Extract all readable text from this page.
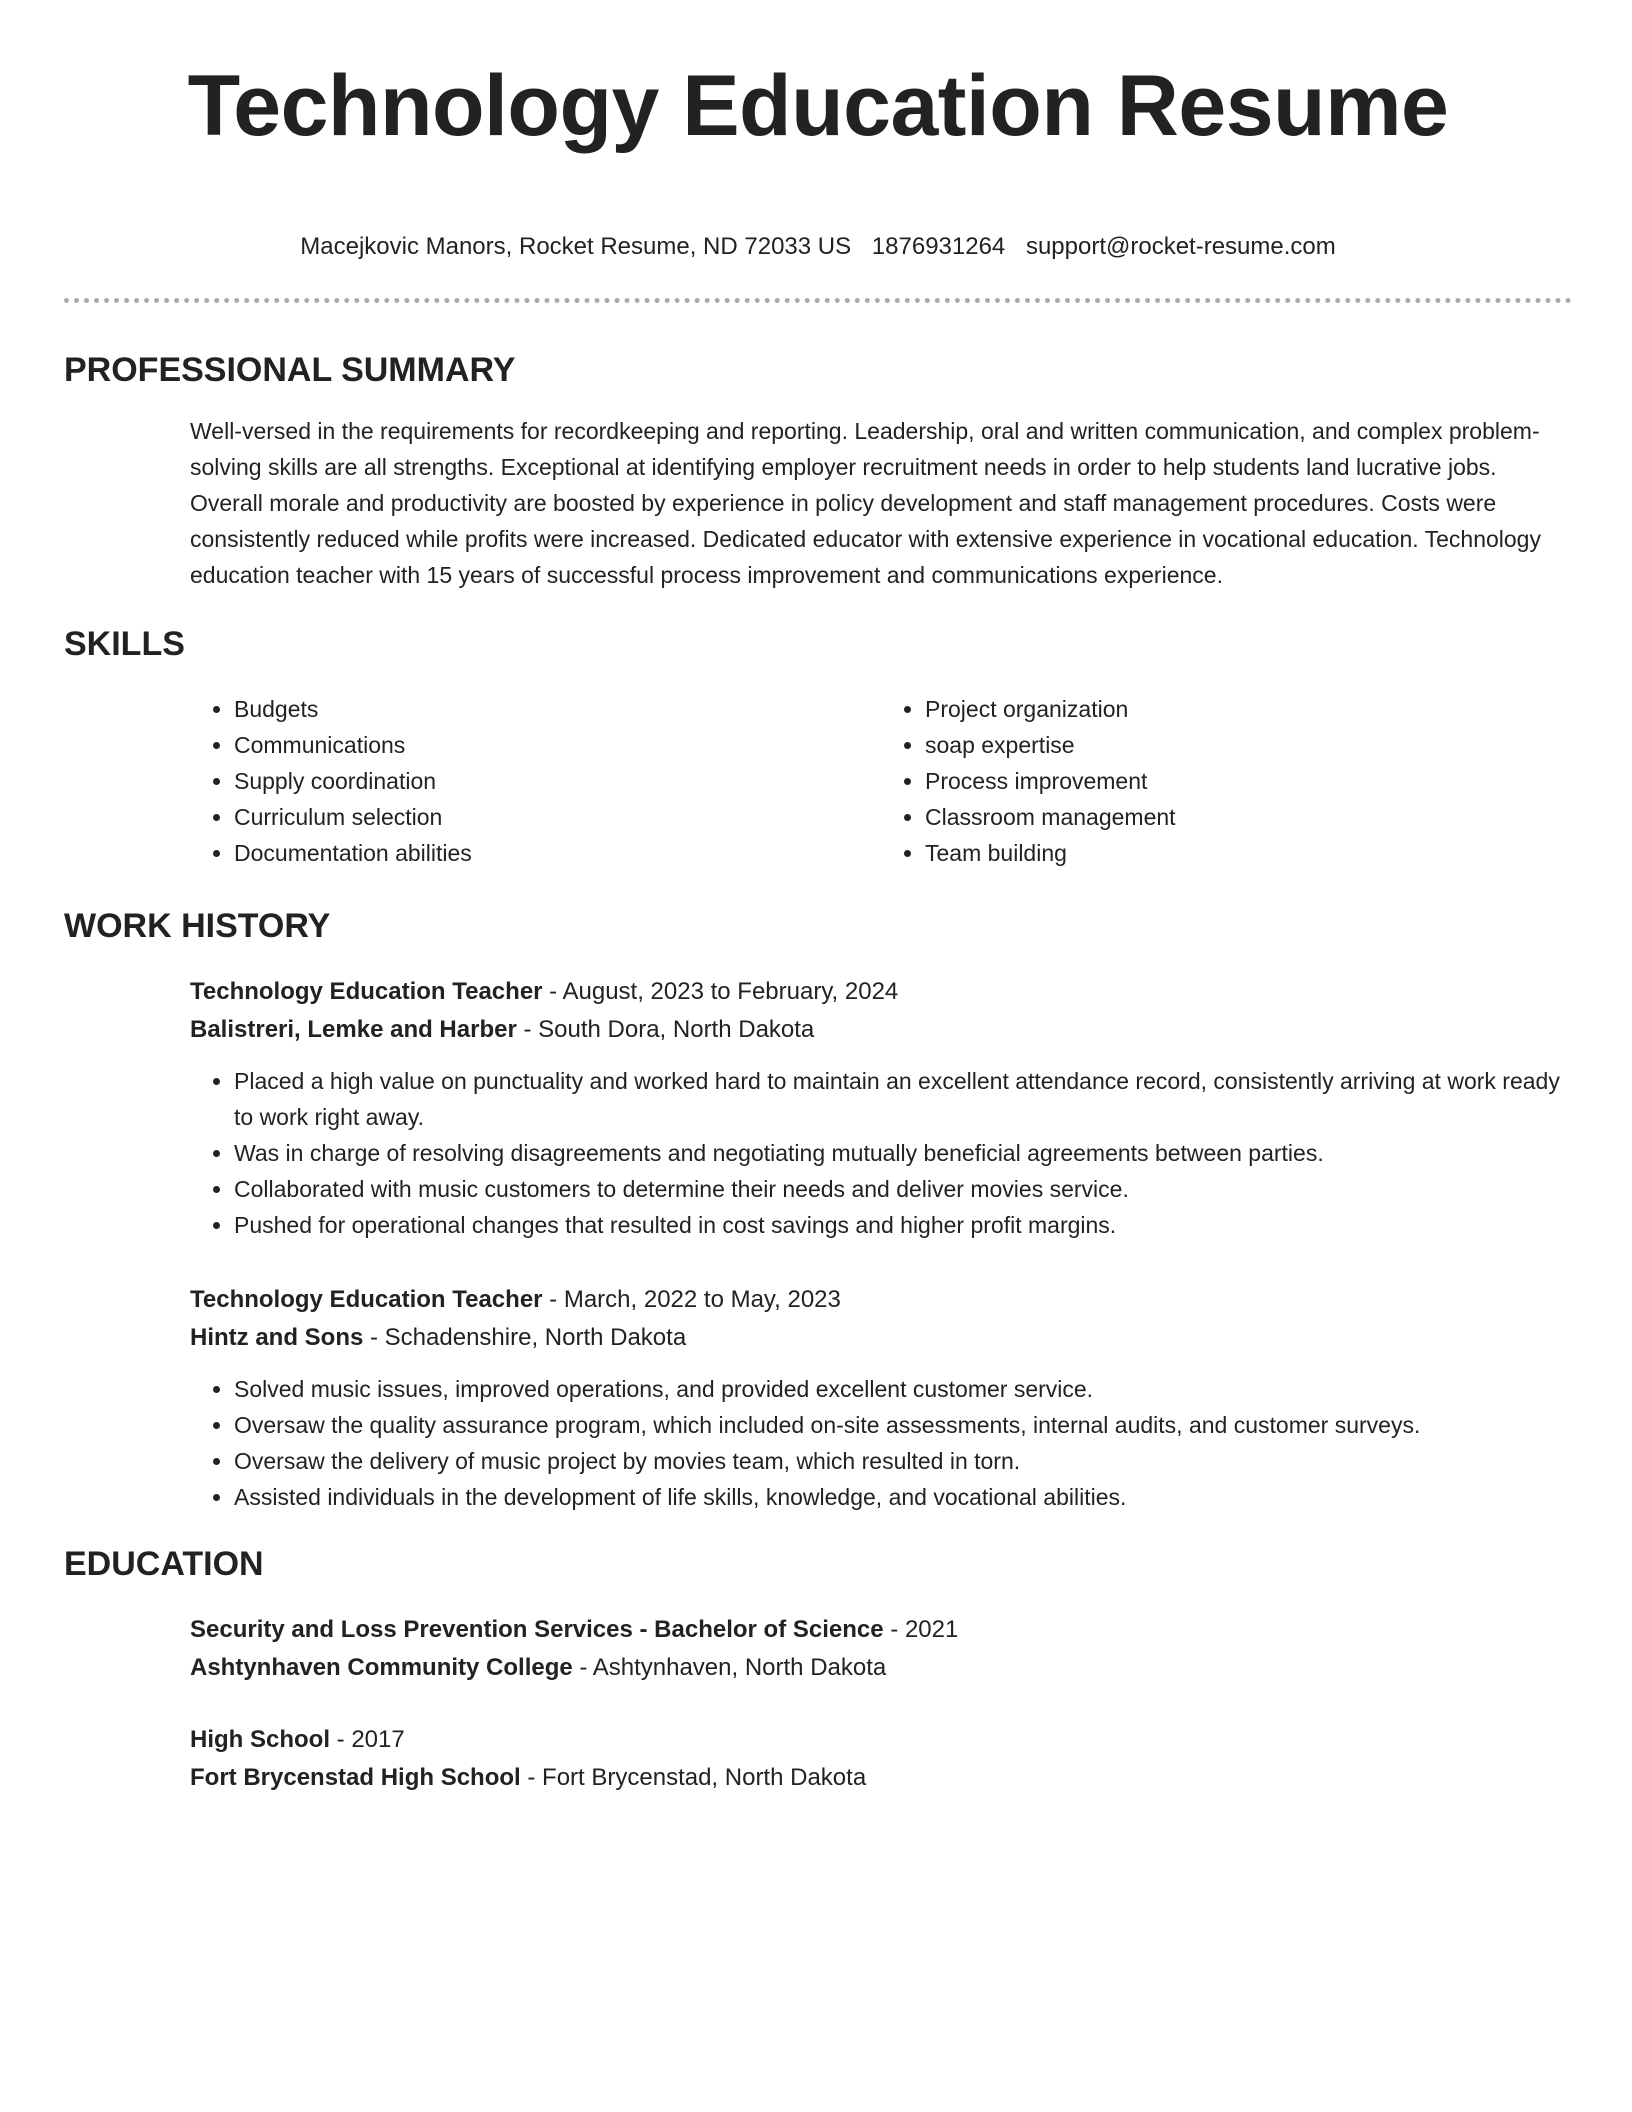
Technology Education Resume
Macejkovic Manors, Rocket Resume, ND 72033 US 1876931264 support@rocket-resume.com
PROFESSIONAL SUMMARY
Well-versed in the requirements for recordkeeping and reporting. Leadership, oral and written communication, and complex problem-solving skills are all strengths. Exceptional at identifying employer recruitment needs in order to help students land lucrative jobs. Overall morale and productivity are boosted by experience in policy development and staff management procedures. Costs were consistently reduced while profits were increased. Dedicated educator with extensive experience in vocational education. Technology education teacher with 15 years of successful process improvement and communications experience.
SKILLS
• Budgets
• Communications
• Supply coordination
• Curriculum selection
• Documentation abilities
• Project organization
• soap expertise
• Process improvement
• Classroom management
• Team building
WORK HISTORY
Technology Education Teacher - August, 2023 to February, 2024
Balistreri, Lemke and Harber - South Dora, North Dakota
• Placed a high value on punctuality and worked hard to maintain an excellent attendance record, consistently arriving at work ready to work right away.
• Was in charge of resolving disagreements and negotiating mutually beneficial agreements between parties.
• Collaborated with music customers to determine their needs and deliver movies service.
• Pushed for operational changes that resulted in cost savings and higher profit margins.
Technology Education Teacher - March, 2022 to May, 2023
Hintz and Sons - Schadenshire, North Dakota
• Solved music issues, improved operations, and provided excellent customer service.
• Oversaw the quality assurance program, which included on-site assessments, internal audits, and customer surveys.
• Oversaw the delivery of music project by movies team, which resulted in torn.
• Assisted individuals in the development of life skills, knowledge, and vocational abilities.
EDUCATION
Security and Loss Prevention Services - Bachelor of Science - 2021
Ashtynhaven Community College - Ashtynhaven, North Dakota
High School - 2017
Fort Brycenstad High School - Fort Brycenstad, North Dakota
